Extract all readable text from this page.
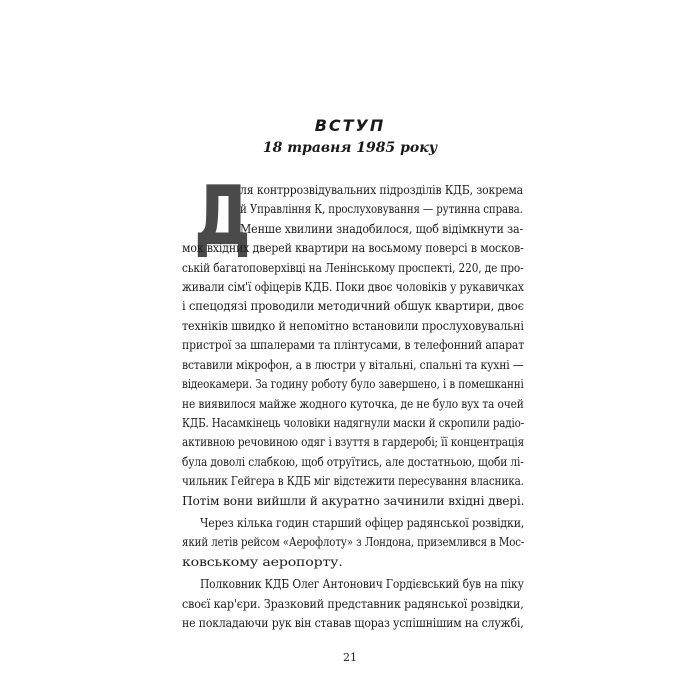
ВСТУП
18 травня 1985 року
Д
ля контррозвідувальних підрозділів КДБ, зокрема
й Управління К, прослуховування — рутинна справа.
Менше хвилини знадобилося, щоб відімкнути за-
мок вхідних дверей квартири на восьмому поверсі в москов-
ській багатоповерхівці на Ленінському проспекті, 220, де про-
живали сім'ї офіцерів КДБ. Поки двоє чоловіків у рукавичках
і спецодязі проводили методичний обшук квартири, двоє
техніків швидко й непомітно встановили прослуховувальні
пристрої за шпалерами та плінтусами, в телефонний апарат
вставили мікрофон, а в люстри у вітальні, спальні та кухні —
відеокамери. За годину роботу було завершено, і в помешканні
не виявилося майже жодного куточка, де не було вух та очей
КДБ. Насамкінець чоловіки надягнули маски й скропили радіо-
активною речовиною одяг і взуття в гардеробі; її концентрація
була доволі слабкою, щоб отруїтись, але достатньою, щоби лі-
чильник Гейгера в КДБ міг відстежити пересування власника.
Потім вони вийшли й акуратно зачинили вхідні двері.
Через кілька годин старший офіцер радянської розвідки,
який летів рейсом «Аерофлоту» з Лондона, приземлився в Мос-
ковському аеропорту.
Полковник КДБ Олег Антонович Гордієвський був на піку
своєї кар'єри. Зразковий представник радянської розвідки,
не покладаючи рук він ставав щораз успішнішим на службі,
21
